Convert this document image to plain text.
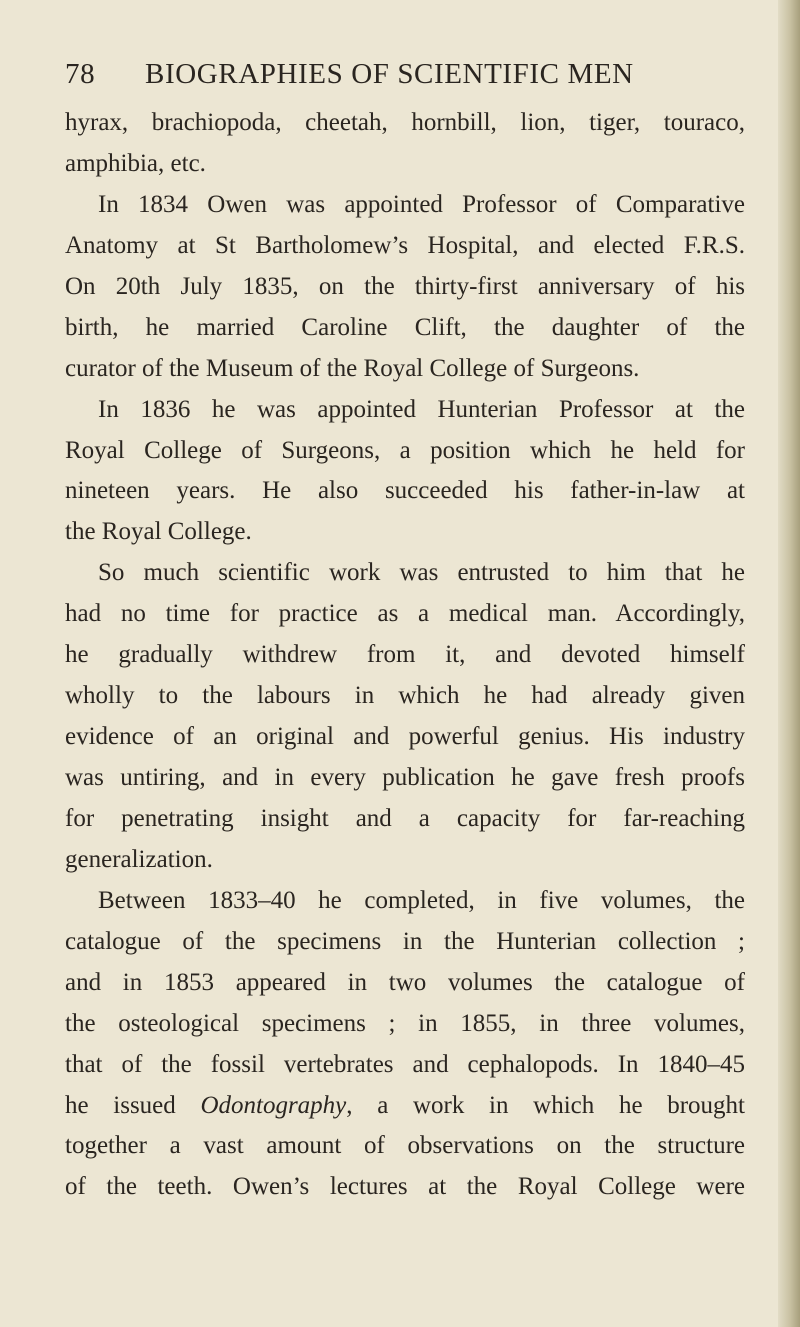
78 BIOGRAPHIES OF SCIENTIFIC MEN
hyrax, brachiopoda, cheetah, hornbill, lion, tiger, touraco,
amphibia, etc.
In 1834 Owen was appointed Professor of Comparative
Anatomy at St Bartholomew’s Hospital, and elected F.R.S.
On 20th July 1835, on the thirty-first anniversary of his
birth, he married Caroline Clift, the daughter of the
curator of the Museum of the Royal College of Surgeons.
In 1836 he was appointed Hunterian Professor at the
Royal College of Surgeons, a position which he held for
nineteen years. He also succeeded his father-in-law at
the Royal College.
So much scientific work was entrusted to him that he
had no time for practice as a medical man. Accordingly,
he gradually withdrew from it, and devoted himself
wholly to the labours in which he had already given
evidence of an original and powerful genius. His industry
was untiring, and in every publication he gave fresh proofs
for penetrating insight and a capacity for far-reaching
generalization.
Between 1833–40 he completed, in five volumes, the
catalogue of the specimens in the Hunterian collection ;
and in 1853 appeared in two volumes the catalogue of
the osteological specimens ; in 1855, in three volumes,
that of the fossil vertebrates and cephalopods. In 1840–45
he issued Odontography, a work in which he brought
together a vast amount of observations on the structure
of the teeth. Owen’s lectures at the Royal College were
